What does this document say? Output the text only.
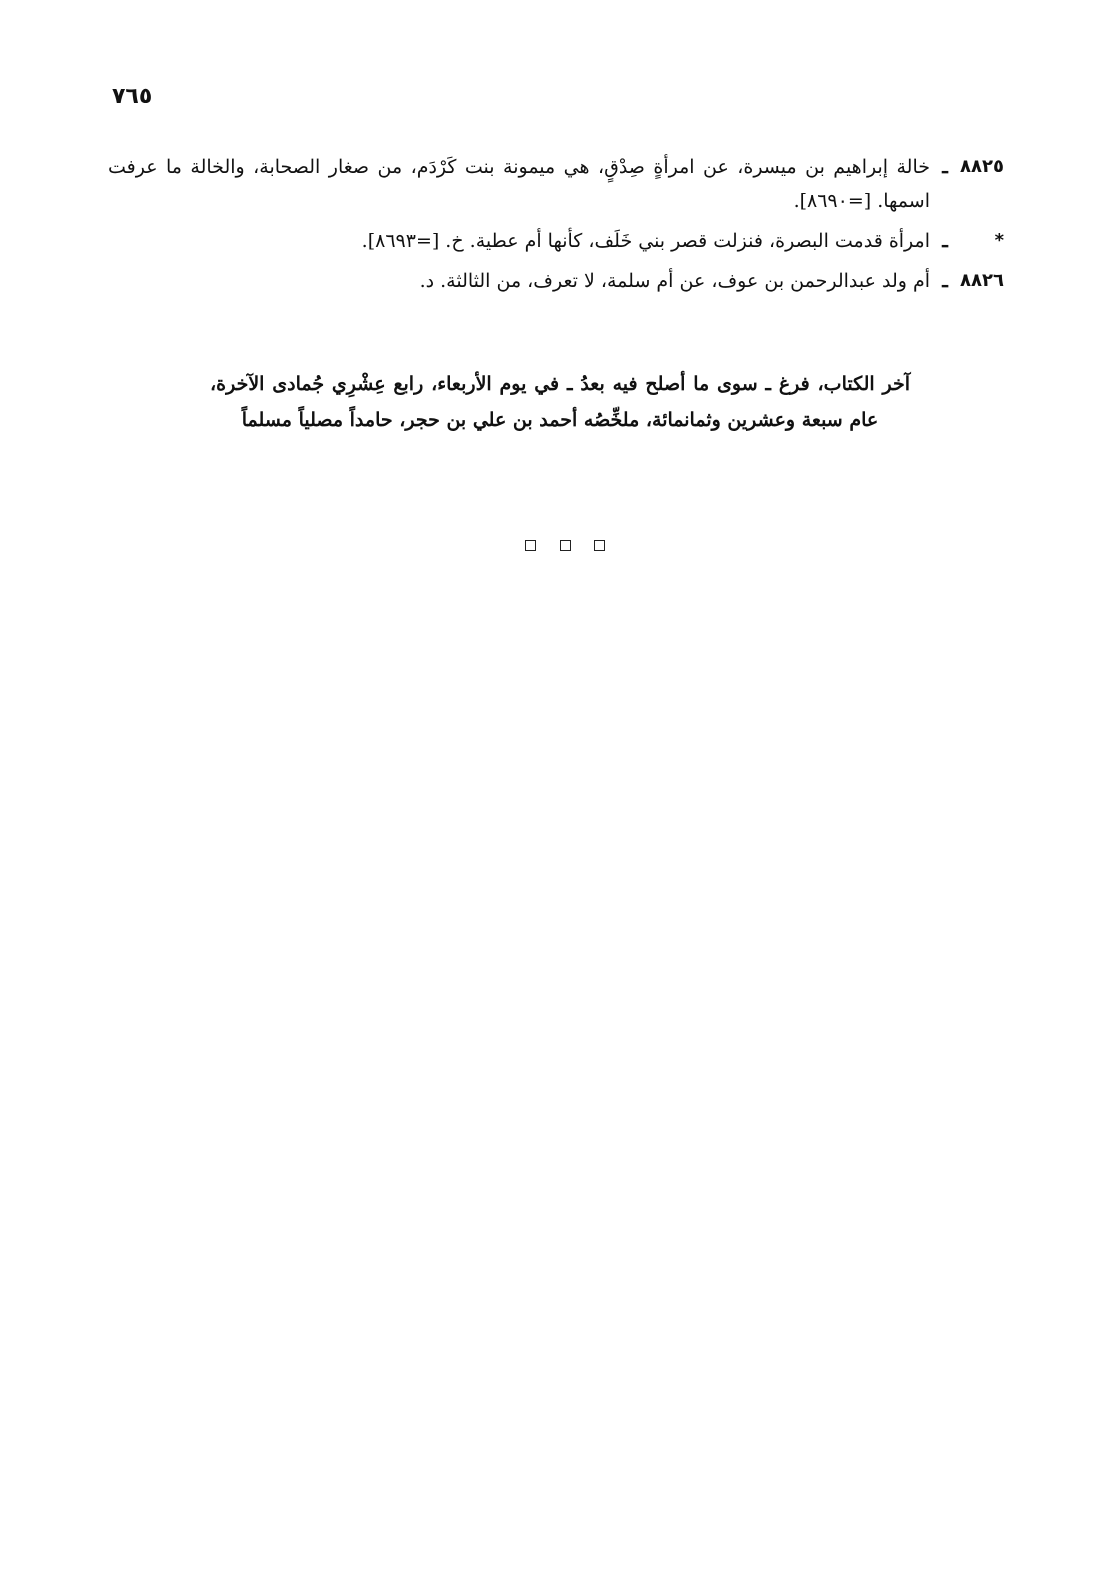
٧٦٥
٨٨٢٥
ـ
خالة إبراهيم بن ميسرة، عن امرأةٍ صِدْقٍ، هي ميمونة بنت كَرْدَم، من صغار الصحابة، والخالة ما عرفت اسمها. [=٨٦٩٠].
*
ـ
امرأة قدمت البصرة، فنزلت قصر بني خَلَف، كأنها أم عطية. خ. [=٨٦٩٣].
٨٨٢٦
ـ
أم ولد عبدالرحمن بن عوف، عن أم سلمة، لا تعرف، من الثالثة. د.
آخر الكتاب، فرغ ـ سوى ما أصلح فيه بعدُ ـ في يوم الأربعاء، رابع عِشْرِي جُمادى الآخرة، عام سبعة وعشرين وثمانمائة، ملخِّصُه أحمد بن علي بن حجر، حامداً مصلياً مسلماً
